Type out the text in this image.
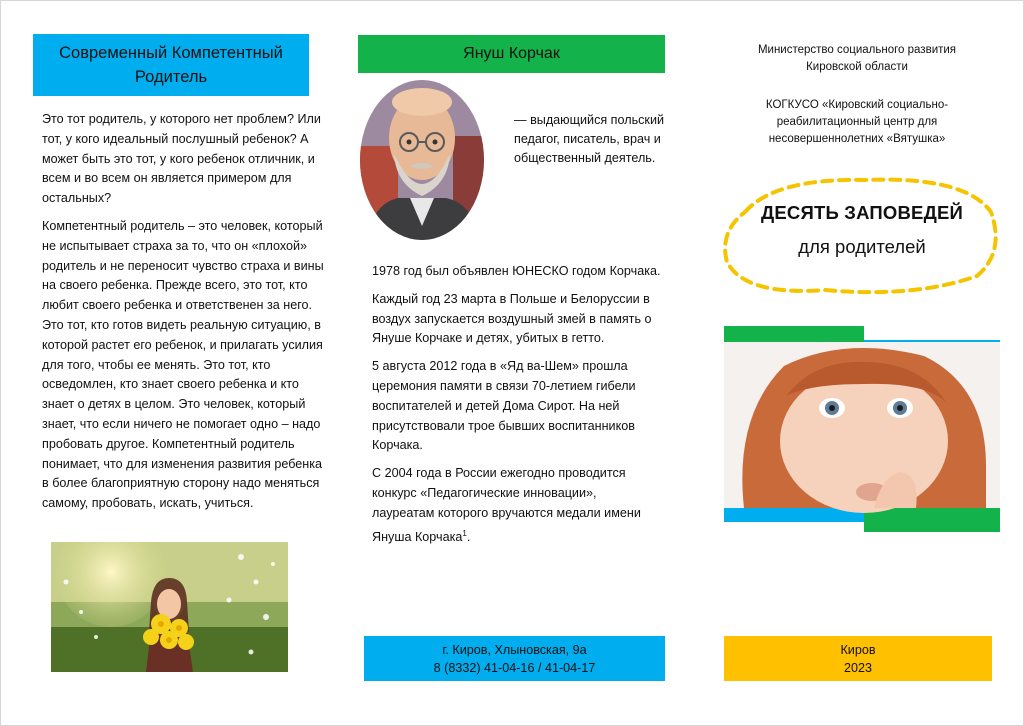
Современный Компетентный Родитель

Это тот родитель, у которого нет проблем? Или тот, у кого идеальный послушный ребенок? А может быть это тот, у кого ребенок отличник, и всем и во всем он является примером для остальных?

Компетентный родитель – это человек, который не испытывает страха за то, что он «плохой» родитель и не переносит чувство страха и вины на своего ребенка. Прежде всего, это тот, кто любит своего ребенка и ответственен за него. Это тот, кто готов видеть реальную ситуацию, в которой растет его ребенок, и прилагать усилия для того, чтобы ее менять. Это тот, кто осведомлен, кто знает своего ребенка и кто знает о детях в целом. Это человек, который знает, что если ничего не помогает одно – надо пробовать другое. Компетентный родитель понимает, что для изменения развития ребенка в более благоприятную сторону надо меняться самому, пробовать, искать, учиться.

Януш Корчак
— выдающийся польский педагог, писатель, врач и общественный деятель.

1978 год был объявлен ЮНЕСКО годом Корчака.

Каждый год 23 марта в Польше и Белоруссии в воздух запускается воздушный змей в память о Януше Корчаке и детях, убитых в гетто.

5 августа 2012 года в «Яд ва-Шем» прошла церемония памяти в связи 70-летием гибели воспитателей и детей Дома Сирот. На ней присутствовали трое бывших воспитанников Корчака.

С 2004 года в России ежегодно проводится конкурс «Педагогические инновации», лауреатам которого вручаются медали имени Януша Корчака$^1$.

г. Киров, Хлыновская, 9а
8 (8332) 41-04-16 / 41-04-17
Министерство социального развития Кировской области
КОГКУСО «Кировский социально-реабилитационный центр для несовершеннолетних «Вятушка»
ДЕСЯТЬ ЗАПОВЕДЕЙ
для родителей
Киров
2023
